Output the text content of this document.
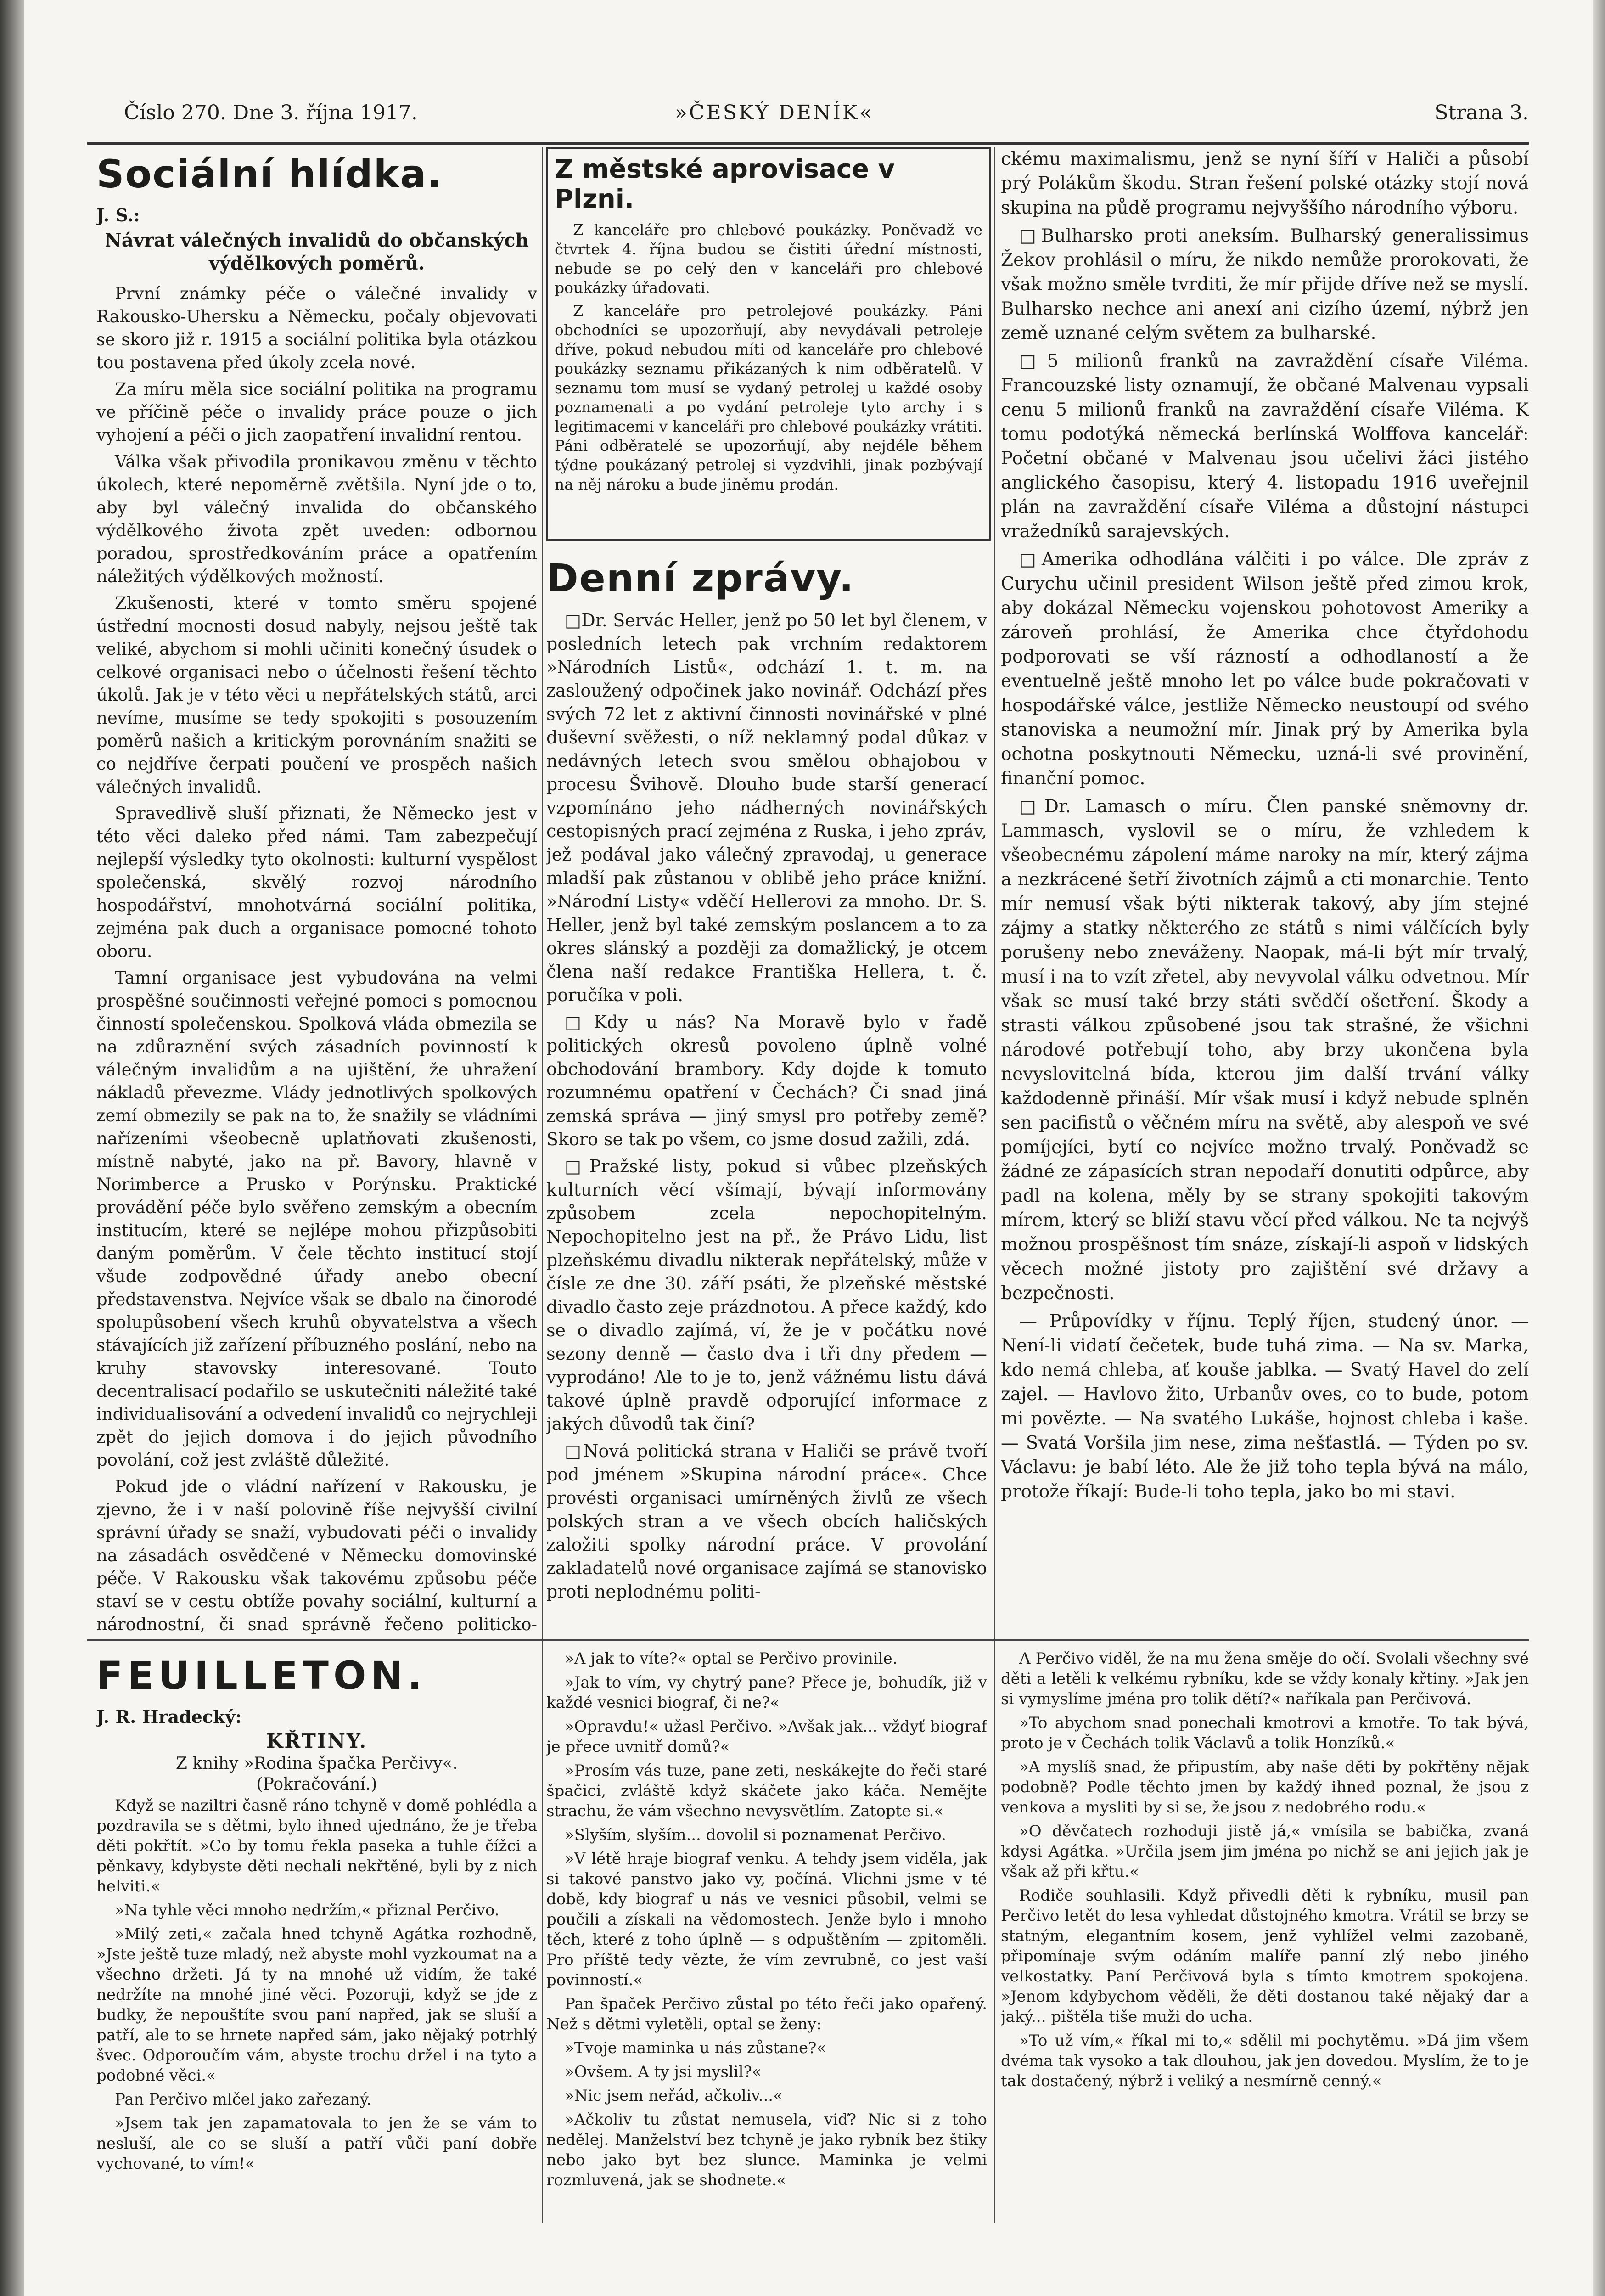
Číslo 270. Dne 3. října 1917.	»ČESKÝ DENÍK«	Strana 3.
Sociální hlídka.
J. S.:
Návrat válečných invalidů do občanských výdělkových poměrů.

První známky péče o válečné invalidy v Rakousko-Uhersku a Německu, počaly objevovati se skoro již r. 1915 a sociální politika byla otázkou tou postavena před úkoly zcela nové.

Za míru měla sice sociální politika na programu ve příčině péče o invalidy práce pouze o jich vyhojení a péči o jich zaopatření invalidní rentou.

Válka však přivodila pronikavou změnu v těchto úkolech, které nepoměrně zvětšila. Nyní jde o to, aby byl válečný invalida do občanského výdělkového života zpět uveden: odbornou poradou, sprostředkováním práce a opatřením náležitých výdělkových možností.

Zkušenosti, které v tomto směru spojené ústřední mocnosti dosud nabyly, nejsou ještě tak veliké, abychom si mohli učiniti konečný úsudek o celkové organisaci nebo o účelnosti řešení těchto úkolů. Jak je v této věci u nepřátelských států, arci nevíme, musíme se tedy spokojiti s posouzením poměrů našich a kritickým porovnáním snažiti se co nejdříve čerpati poučení ve prospěch našich válečných invalidů.

Spravedlivě sluší přiznati, že Německo jest v této věci daleko před námi. Tam zabezpečují nejlepší výsledky tyto okolnosti: kulturní vyspělost společenská, skvělý rozvoj národního hospodářství, mnohotvárná sociální politika, zejména pak duch a organisace pomocné tohoto oboru.

Tamní organisace jest vybudována na velmi prospěšné součinnosti veřejné pomoci s pomocnou činností společenskou. Spolková vláda obmezila se na zdůraznění svých zásadních povinností k válečným invalidům a na ujištění, že uhražení nákladů převezme. Vlády jednotlivých spolkových zemí obmezily se pak na to, že snažily se vládními nařízeními všeobecně uplatňovati zkušenosti, místně nabyté, jako na př. Bavory, hlavně v Norimberce a Prusko v Porýnsku. Praktické provádění péče bylo svěřeno zemským a obecním institucím, které se nejlépe mohou přizpůsobiti daným poměrům. V čele těchto institucí stojí všude zodpovědné úřady anebo obecní představenstva. Nejvíce však se dbalo na činorodé spolupůsobení všech kruhů obyvatelstva a všech stávajících již zařízení příbuzného poslání, nebo na kruhy stavovsky interesované. Touto decentralisací podařilo se uskutečniti náležité také individualisování a odvedení invalidů co nejrychleji zpět do jejich domova i do jejich původního povolání, což jest zvláště důležité.

Pokud jde o vládní nařízení v Rakousku, je zjevno, že i v naší polovině říše nejvyšší civilní správní úřady se snaží, vybudovati péči o invalidy na zásadách osvědčené v Německu domovinské péče. V Rakousku však takovému způsobu péče staví se v cestu obtíže povahy sociální, kulturní a národnostní, či snad správně řečeno politicko-

Z městské aprovisace v Plzni.

Z kanceláře pro chlebové poukázky. Poněvadž ve čtvrtek 4. října budou se čistiti úřední místnosti, nebude se po celý den v kanceláři pro chlebové poukázky úřadovati.

Z kanceláře pro petrolejové poukázky. Páni obchodníci se upozorňují, aby nevydávali petroleje dříve, pokud nebudou míti od kanceláře pro chlebové poukázky seznamu přikázaných k nim odběratelů. V seznamu tom musí se vydaný petrolej u každé osoby poznamenati a po vydání petroleje tyto archy i s legitimacemi v kanceláři pro chlebové poukázky vrátiti. Páni odběratelé se upozorňují, aby nejdéle během týdne poukázaný petrolej si vyzdvihli, jinak pozbývají na něj nároku a bude jiněmu prodán.

Denní zprávy.

□ Dr. Servác Heller, jenž po 50 let byl členem, v posledních letech pak vrchním redaktorem »Národních Listů«, odchází 1. t. m. na zasloužený odpočinek jako novinář. Odchází přes svých 72 let z aktivní činnosti novinářské v plné duševní svěžesti, o níž neklamný podal důkaz v nedávných letech svou smělou obhajobou v procesu Švihově. Dlouho bude starší generací vzpomínáno jeho nádherných novinářských cestopisných prací zejména z Ruska, i jeho zpráv, jež podával jako válečný zpravodaj, u generace mladší pak zůstanou v oblibě jeho práce knižní. »Národní Listy« vděčí Hellerovi za mnoho. Dr. S. Heller, jenž byl také zemským poslancem a to za okres slánský a později za domažlický, je otcem člena naší redakce Františka Hellera, t. č. poručíka v poli.

□ Kdy u nás? Na Moravě bylo v řadě politických okresů povoleno úplně volné obchodování brambory. Kdy dojde k tomuto rozumnému opatření v Čechách? Či snad jiná zemská správa — jiný smysl pro potřeby země? Skoro se tak po všem, co jsme dosud zažili, zdá.

□ Pražské listy, pokud si vůbec plzeňských kulturních věcí všímají, bývají informovány způsobem zcela nepochopitelným. Nepochopitelno jest na př., že Právo Lidu, list plzeňskému divadlu nikterak nepřátelský, může v čísle ze dne 30. září psáti, že plzeňské městské divadlo často zeje prázdnotou. A přece každý, kdo se o divadlo zajímá, ví, že je v počátku nové sezony denně — často dva i tři dny předem — vyprodáno! Ale to je to, jenž vážnému listu dává takové úplně pravdě odporující informace z jakých důvodů tak činí?

□ Nová politická strana v Haliči se právě tvoří pod jménem »Skupina národní práce«. Chce provésti organisaci umírněných živlů ze všech polských stran a ve všech obcích haličských založiti spolky národní práce. V provolání zakladatelů nové organisace zajímá se stanovisko proti neplodnému politi-

ckému maximalismu, jenž se nyní šíří v Haliči a působí prý Polákům škodu. Stran řešení polské otázky stojí nová skupina na půdě programu nejvyššího národního výboru.

□ Bulharsko proti aneksím. Bulharský generalissimus Žekov prohlásil o míru, že nikdo nemůže prorokovati, že však možno směle tvrditi, že mír přijde dříve než se myslí. Bulharsko nechce ani anexí ani cizího území, nýbrž jen země uznané celým světem za bulharské.

□ 5 milionů franků na zavraždění císaře Viléma. Francouzské listy oznamují, že občané Malvenau vypsali cenu 5 milionů franků na zavraždění císaře Viléma. K tomu podotýká německá berlínská Wolffova kancelář: Početní občané v Malvenau jsou učelivi žáci jistého anglického časopisu, který 4. listopadu 1916 uveřejnil plán na zavraždění císaře Viléma a důstojní nástupci vražedníků sarajevských.

□ Amerika odhodlána válčiti i po válce. Dle zpráv z Curychu učinil president Wilson ještě před zimou krok, aby dokázal Německu vojenskou pohotovost Ameriky a zároveň prohlásí, že Amerika chce čtyřdohodu podporovati se vší rázností a odhodlaností a že eventuelně ještě mnoho let po válce bude pokračovati v hospodářské válce, jestliže Německo neustoupí od svého stanoviska a neumožní mír. Jinak prý by Amerika byla ochotna poskytnouti Německu, uzná-li své provinění, finanční pomoc.

□ Dr. Lamasch o míru. Člen panské sněmovny dr. Lammasch, vyslovil se o míru, že vzhledem k všeobecnému zápolení máme naroky na mír, který zájma a nezkrácené šetří životních zájmů a cti monarchie. Tento mír nemusí však býti nikterak takový, aby jím stejné zájmy a statky některého ze států s nimi válčících byly porušeny nebo zneváženy. Naopak, má-li být mír trvalý, musí i na to vzít zřetel, aby nevyvolal válku odvetnou. Mír však se musí také brzy státi svědčí ošetření. Škody a strasti válkou způsobené jsou tak strašné, že všichni národové potřebují toho, aby brzy ukončena byla nevyslovitelná bída, kterou jim další trvání války každodenně přináší. Mír však musí i když nebude splněn sen pacifistů o věčném míru na světě, aby alespoň ve své pomíjejíci, bytí co nejvíce možno trvalý. Poněvadž se žádné ze zápasících stran nepodaří donutiti odpůrce, aby padl na kolena, měly by se strany spokojiti takovým mírem, který se bliží stavu věcí před válkou. Ne ta nejvýš možnou prospěšnost tím snáze, získají-li aspoň v lidských věcech možné jistoty pro zajištění své državy a bezpečnosti.

— Průpovídky v říjnu. Teplý říjen, studený únor. — Není-li vidatí čečetek, bude tuhá zima. — Na sv. Marka, kdo nemá chleba, ať kouše jablka. — Svatý Havel do zelí zajel. — Havlovo žito, Urbanův oves, co to bude, potom mi povězte. — Na svatého Lukáše, hojnost chleba i kaše. — Svatá Voršila jim nese, zima nešťastlá. — Týden po sv. Václavu: je babí léto. Ale že již toho tepla bývá na málo, protože říkají: Bude-li toho tepla, jako bo mi stavi.

FEUILLETON.
J. R. Hradecký:
KŘTINY.
Z knihy »Rodina špačka Perčivy«.
(Pokračování.)

Když se naziltri časně ráno tchyně v domě pohlédla a pozdravila se s dětmi, bylo ihned ujednáno, že je třeba děti pokřtít. »Co by tomu řekla paseka a tuhle čížci a pěnkavy, kdybyste děti nechali nekřtěné, byli by z nich helviti.«

»Na tyhle věci mnoho nedržím,« přiznal Perčivo.

»Milý zeti,« začala hned tchyně Agátka rozhodně, »Jste ještě tuze mladý, než abyste mohl vyzkoumat na a všechno držeti. Já ty na mnohé už vidím, že také nedržíte na mnohé jiné věci. Pozoruji, když se jde z budky, že nepouštíte svou paní napřed, jak se sluší a patří, ale to se hrnete napřed sám, jako nějaký potrhlý švec. Odporoučím vám, abyste trochu držel i na tyto a podobné věci.«

Pan Perčivo mlčel jako zařezaný.

»Jsem tak jen zapamatovala to jen že se vám to nesluší, ale co se sluší a patří vůči paní dobře vychované, to vím!«

»A jak to víte?« optal se Perčivo provinile.

»Jak to vím, vy chytrý pane? Přece je, bohudík, již v každé vesnici biograf, či ne?«

»Opravdu!« užasl Perčivo. »Avšak jak... vždyť biograf je přece uvnitř domů?«

»Prosím vás tuze, pane zeti, neskákejte do řeči staré špačici, zvláště když skáčete jako káča. Nemějte strachu, že vám všechno nevysvětlím. Zatopte si.«

»Slyším, slyším... dovolil si poznamenat Perčivo.

»V létě hraje biograf venku. A tehdy jsem viděla, jak si takové panstvo jako vy, počíná. Vlichni jsme v té době, kdy biograf u nás ve vesnici působil, velmi se poučili a získali na vědomostech. Jenže bylo i mnoho těch, které z toho úplně — s odpuštěním — zpitoměli. Pro příště tedy vězte, že vím zevrubně, co jest vaší povinností.«

Pan špaček Perčivo zůstal po této řeči jako opařený. Než s dětmi vyletěli, optal se ženy:

»Tvoje maminka u nás zůstane?«

»Ovšem. A ty jsi myslil?«

»Nic jsem neřád, ačkoliv...«

»Ačkoliv tu zůstat nemusela, viď? Nic si z toho nedělej. Manželství bez tchyně je jako rybník bez štiky nebo jako byt bez slunce. Maminka je velmi rozmluvená, jak se shodnete.«

A Perčivo viděl, že na mu žena směje do očí. Svolali všechny své děti a letěli k velkému rybníku, kde se vždy konaly křtiny. »Jak jen si vymyslíme jména pro tolik dětí?« naříkala pan Perčivová.

»To abychom snad ponechali kmotrovi a kmotře. To tak bývá, proto je v Čechách tolik Václavů a tolik Honzíků.«

»A myslíš snad, že připustím, aby naše děti by pokřtěny nějak podobně? Podle těchto jmen by každý ihned poznal, že jsou z venkova a mysliti by si se, že jsou z nedobrého rodu.«

»O děvčatech rozhoduji jistě já,« vmísila se babička, zvaná kdysi Agátka. »Určila jsem jim jména po nichž se ani jejich jak je však až při křtu.«

Rodiče souhlasili. Když přivedli děti k rybníku, musil pan Perčivo letět do lesa vyhledat důstojného kmotra. Vrátil se brzy se statným, elegantním kosem, jenž vyhlížel velmi zazobaně, připomínaje svým odáním malíře panní zlý nebo jiného velkostatky. Paní Perčivová byla s tímto kmotrem spokojena. »Jenom kdybychom věděli, že děti dostanou také nějaký dar a jaký... pištěla tiše muži do ucha.

»To už vím,« říkal mi to,« sdělil mi pochytěmu. »Dá jim všem dvéma tak vysoko a tak dlouhou, jak jen dovedou. Myslím, že to je tak dostačený, nýbrž i veliký a nesmírně cenný.«
